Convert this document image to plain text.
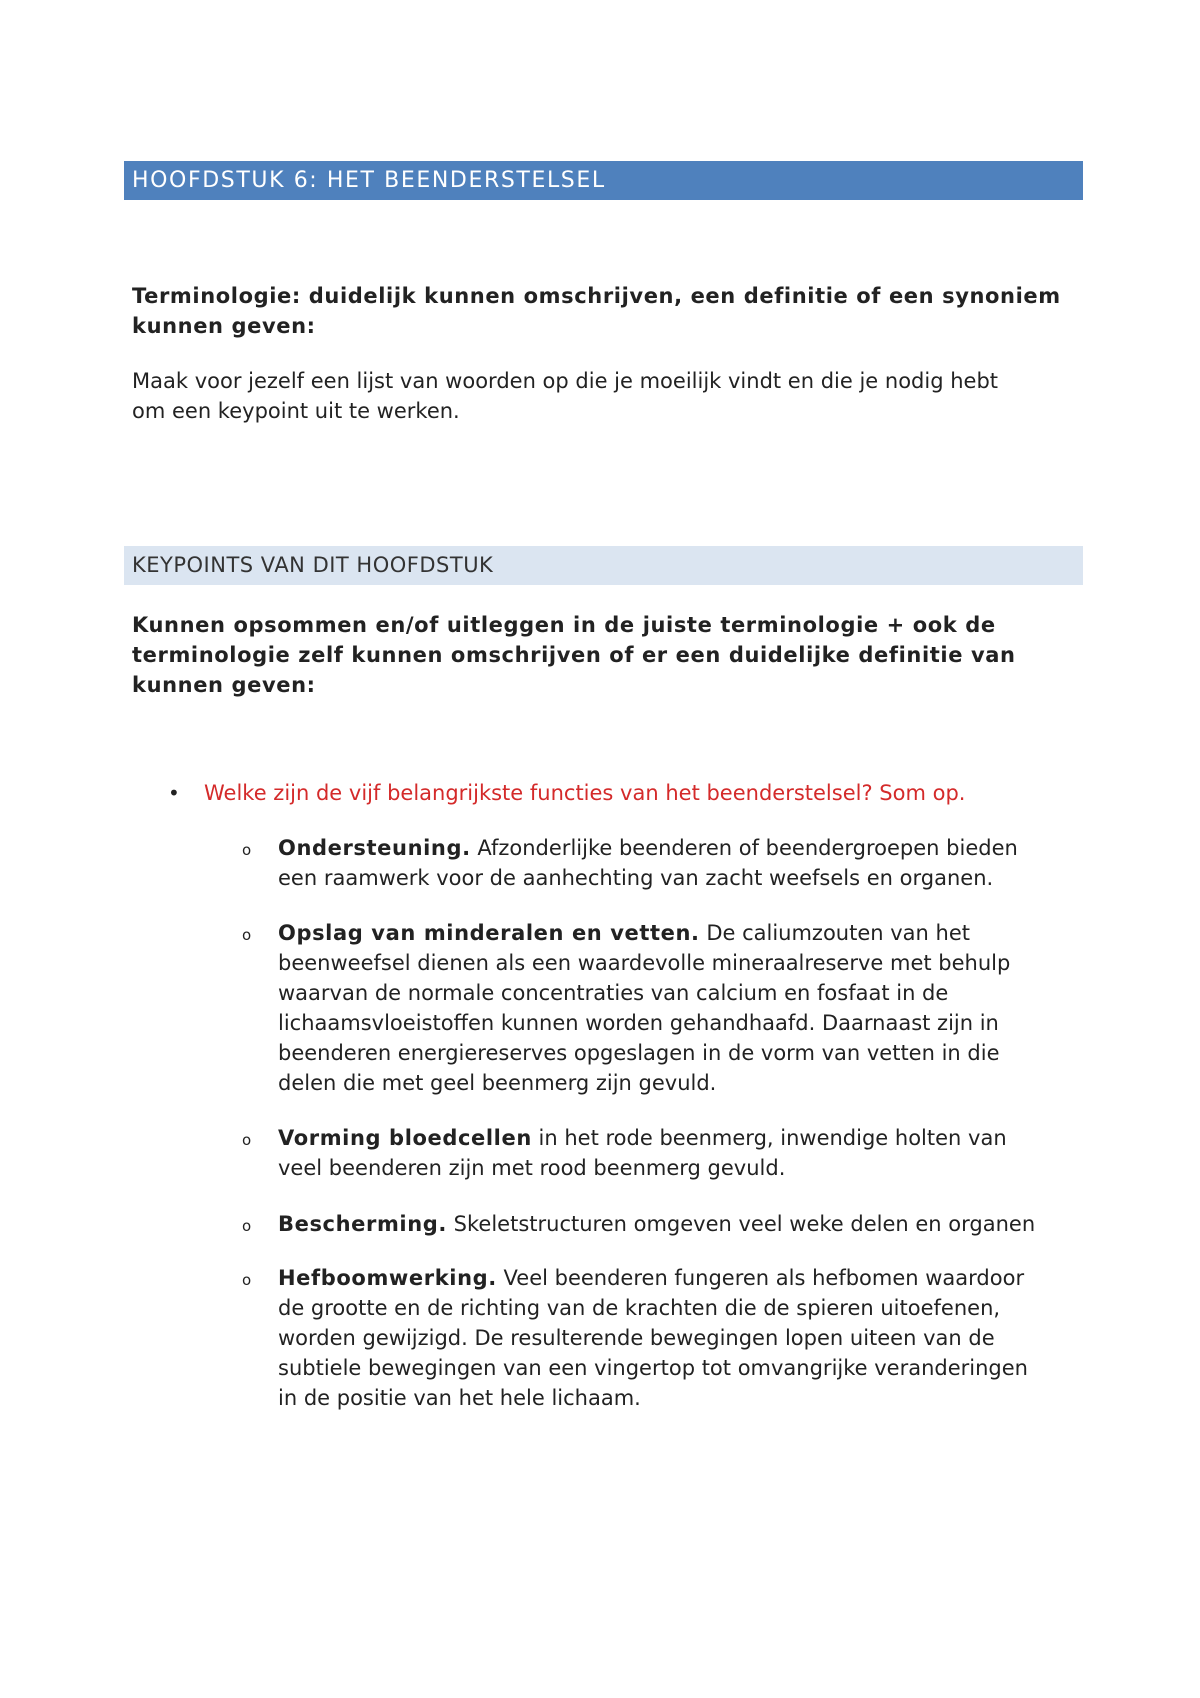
HOOFDSTUK 6: HET BEENDERSTELSEL
Terminologie: duidelijk kunnen omschrijven, een definitie of een synoniem
kunnen geven:
Maak voor jezelf een lijst van woorden op die je moeilijk vindt en die je nodig hebt
om een keypoint uit te werken.
KEYPOINTS VAN DIT HOOFDSTUK
Kunnen opsommen en/of uitleggen in de juiste terminologie + ook de
terminologie zelf kunnen omschrijven of er een duidelijke definitie van
kunnen geven:
• Welke zijn de vijf belangrijkste functies van het beenderstelsel? Som op.
o Ondersteuning. Afzonderlijke beenderen of beendergroepen bieden
een raamwerk voor de aanhechting van zacht weefsels en organen.
o Opslag van minderalen en vetten. De caliumzouten van het
beenweefsel dienen als een waardevolle mineraalreserve met behulp
waarvan de normale concentraties van calcium en fosfaat in de
lichaamsvloeistoffen kunnen worden gehandhaafd. Daarnaast zijn in
beenderen energiereserves opgeslagen in de vorm van vetten in die
delen die met geel beenmerg zijn gevuld.
o Vorming bloedcellen in het rode beenmerg, inwendige holten van
veel beenderen zijn met rood beenmerg gevuld.
o Bescherming. Skeletstructuren omgeven veel weke delen en organen
o Hefboomwerking. Veel beenderen fungeren als hefbomen waardoor
de grootte en de richting van de krachten die de spieren uitoefenen,
worden gewijzigd. De resulterende bewegingen lopen uiteen van de
subtiele bewegingen van een vingertop tot omvangrijke veranderingen
in de positie van het hele lichaam.
